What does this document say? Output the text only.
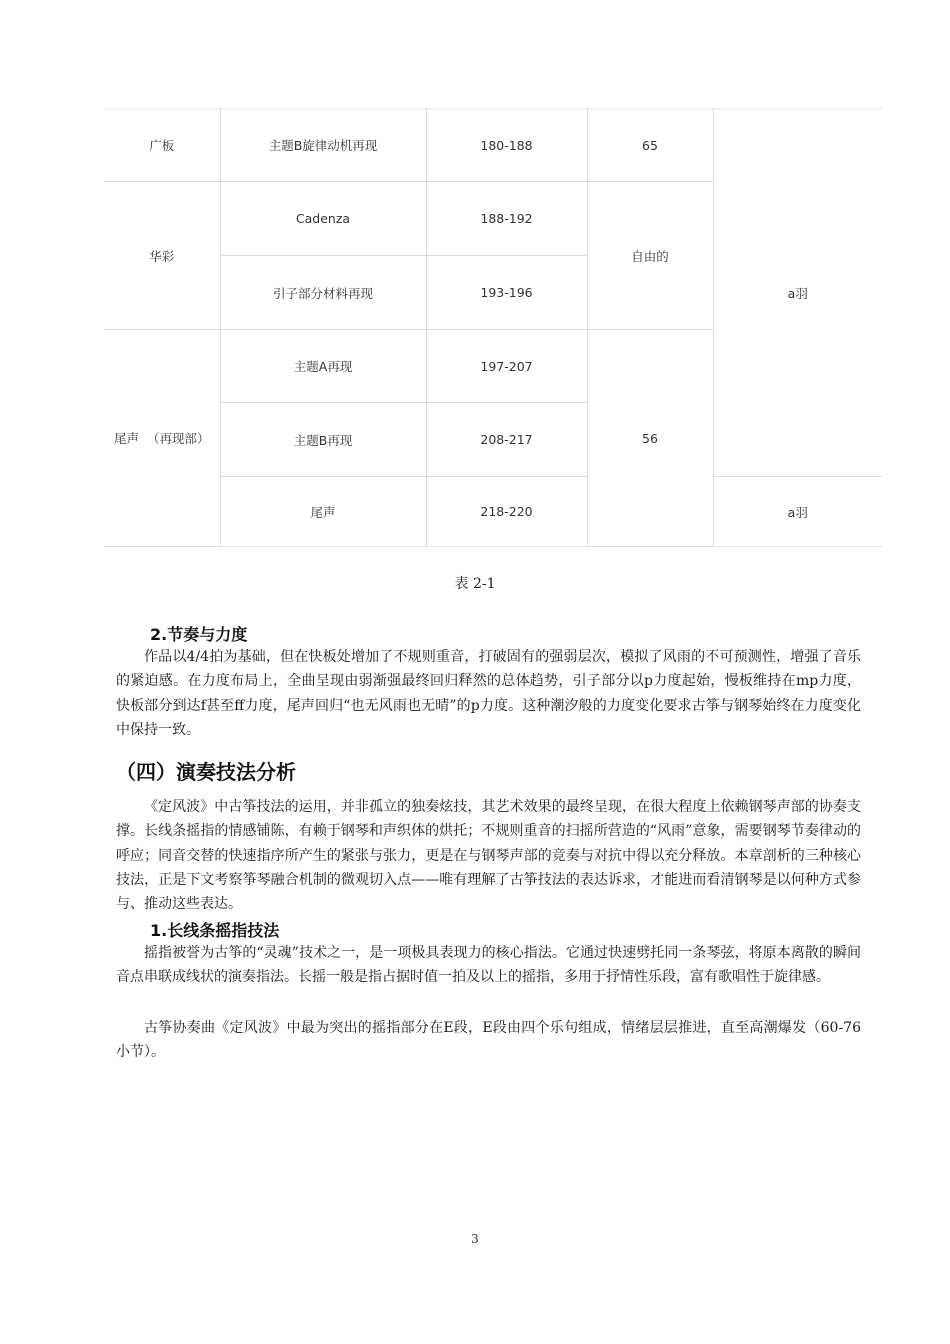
广板	主题B旋律动机再现	180-188	65	a羽
华彩	Cadenza	188-192	自由的	
	引子部分材料再现	193-196		
尾声  （再现部）	主题A再现	197-207	56	
	主题B再现	208-217		
	尾声	218-220		a羽
表 2-1
2.节奏与力度

作品以4/4拍为基础，但在快板处增加了不规则重音，打破固有的强弱层次，模拟了风雨的不可预测性，增强了音乐的紧迫感。在力度布局上，全曲呈现由弱渐强最终回归释然的总体趋势，引子部分以p力度起始，慢板维持在mp力度，快板部分到达f甚至ff力度，尾声回归“也无风雨也无晴”的p力度。这种潮汐般的力度变化要求古筝与钢琴始终在力度变化中保持一致。

（四）演奏技法分析

《定风波》中古筝技法的运用，并非孤立的独奏炫技，其艺术效果的最终呈现，在很大程度上依赖钢琴声部的协奏支撑。长线条摇指的情感铺陈，有赖于钢琴和声织体的烘托；不规则重音的扫摇所营造的“风雨”意象，需要钢琴节奏律动的呼应；同音交替的快速指序所产生的紧张与张力，更是在与钢琴声部的竞奏与对抗中得以充分释放。本章剖析的三种核心技法，正是下文考察筝琴融合机制的微观切入点——唯有理解了古筝技法的表达诉求，才能进而看清钢琴是以何种方式参与、推动这些表达。

1.长线条摇指技法

摇指被誉为古筝的“灵魂”技术之一，是一项极具表现力的核心指法。它通过快速劈托同一条琴弦，将原本离散的瞬间音点串联成线状的演奏指法。长摇一般是指占据时值一拍及以上的摇指，多用于抒情性乐段，富有歌唱性于旋律感。

古筝协奏曲《定风波》中最为突出的摇指部分在E段，E段由四个乐句组成，情绪层层推进，直至高潮爆发（60-76小节）。

3
